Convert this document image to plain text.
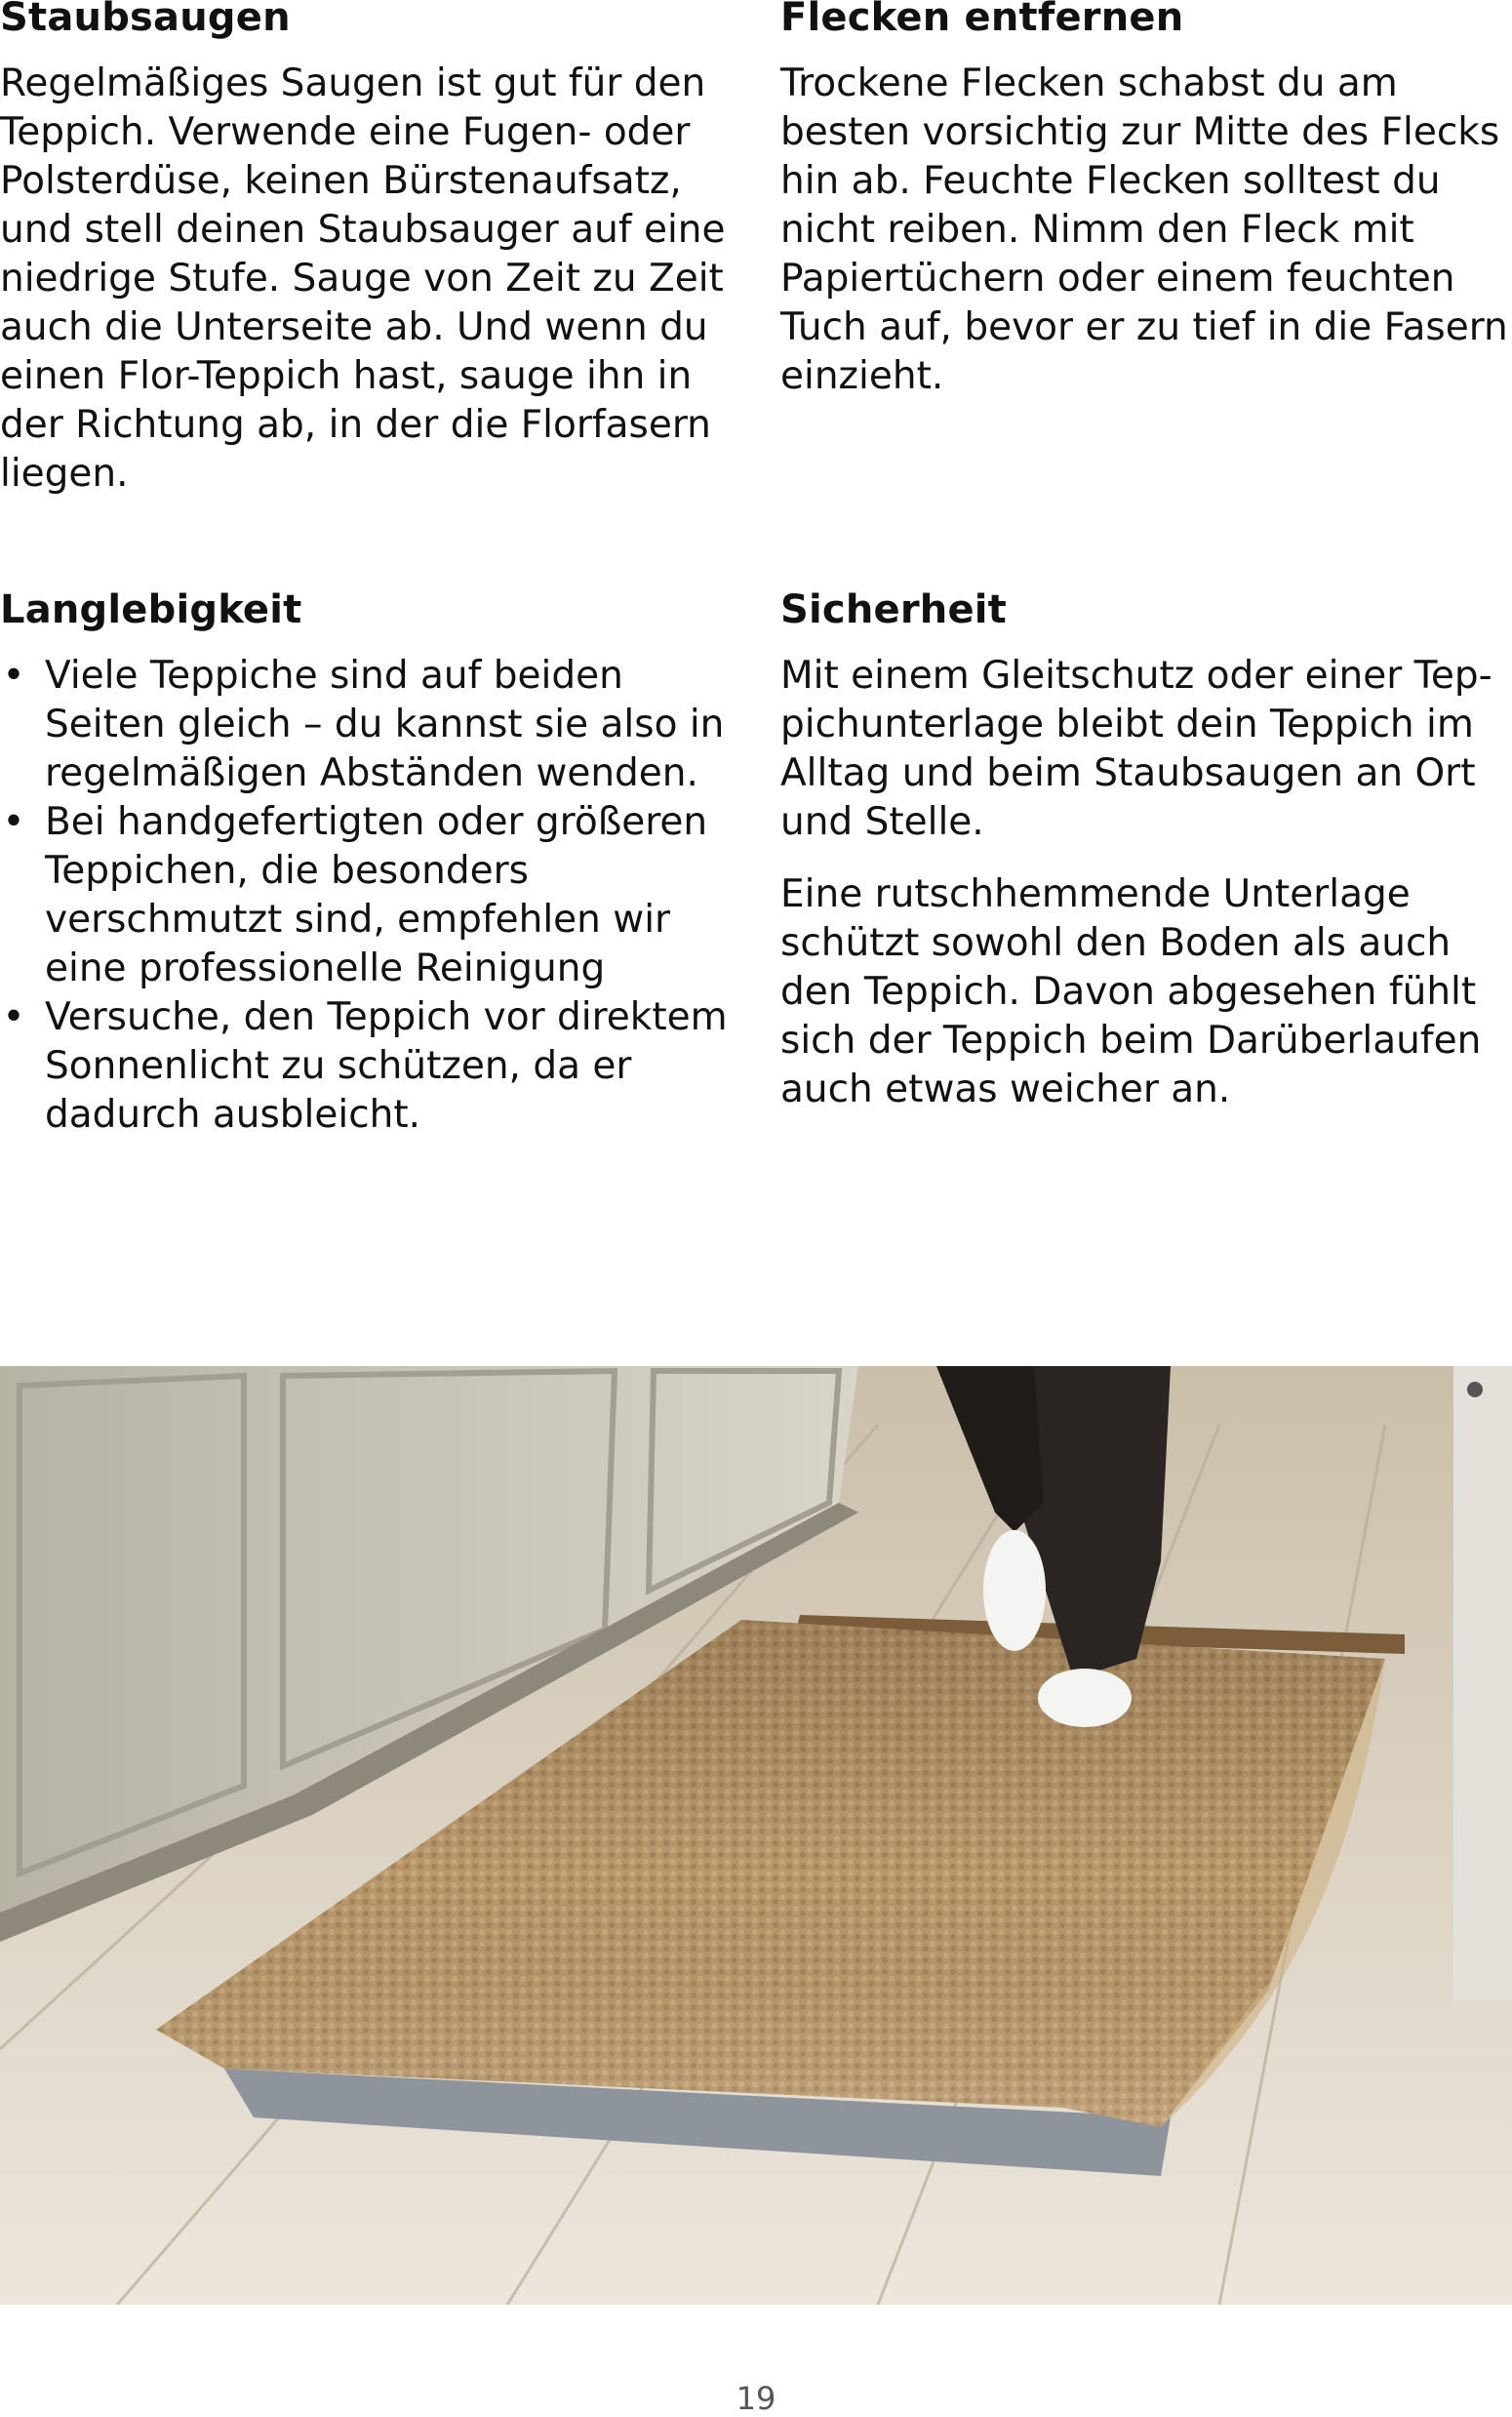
Staubsaugen

Regelmäßiges Saugen ist gut für den Teppich. Verwende eine Fugen- oder Polsterdüse, keinen Bürstenaufsatz, und stell deinen Staubsauger auf eine niedrige Stufe. Sauge von Zeit zu Zeit auch die Unterseite ab. Und wenn du einen Flor-Teppich hast, sauge ihn in der Richtung ab, in der die Florfasern liegen.

Flecken entfernen

Trockene Flecken schabst du am besten vorsichtig zur Mitte des Flecks hin ab. Feuchte Flecken solltest du nicht reiben. Nimm den Fleck mit Papiertüchern oder einem feuchten Tuch auf, bevor er zu tief in die Fasern einzieht.

Langlebigkeit
• Viele Teppiche sind auf beiden Seiten gleich – du kannst sie also in regelmäßigen Abständen wenden.
• Bei handgefertigten oder größeren Teppichen, die besonders verschmutzt sind, empfehlen wir eine professionelle Reinigung
• Versuche, den Teppich vor direktem Sonnenlicht zu schützen, da er dadurch ausbleicht.
Sicherheit

Mit einem Gleitschutz oder einer Tep-pichunterlage bleibt dein Teppich im Alltag und beim Staubsaugen an Ort und Stelle.

Eine rutschhemmende Unterlage schützt sowohl den Boden als auch den Teppich. Davon abgesehen fühlt sich der Teppich beim Darüberlaufen auch etwas weicher an.

19
